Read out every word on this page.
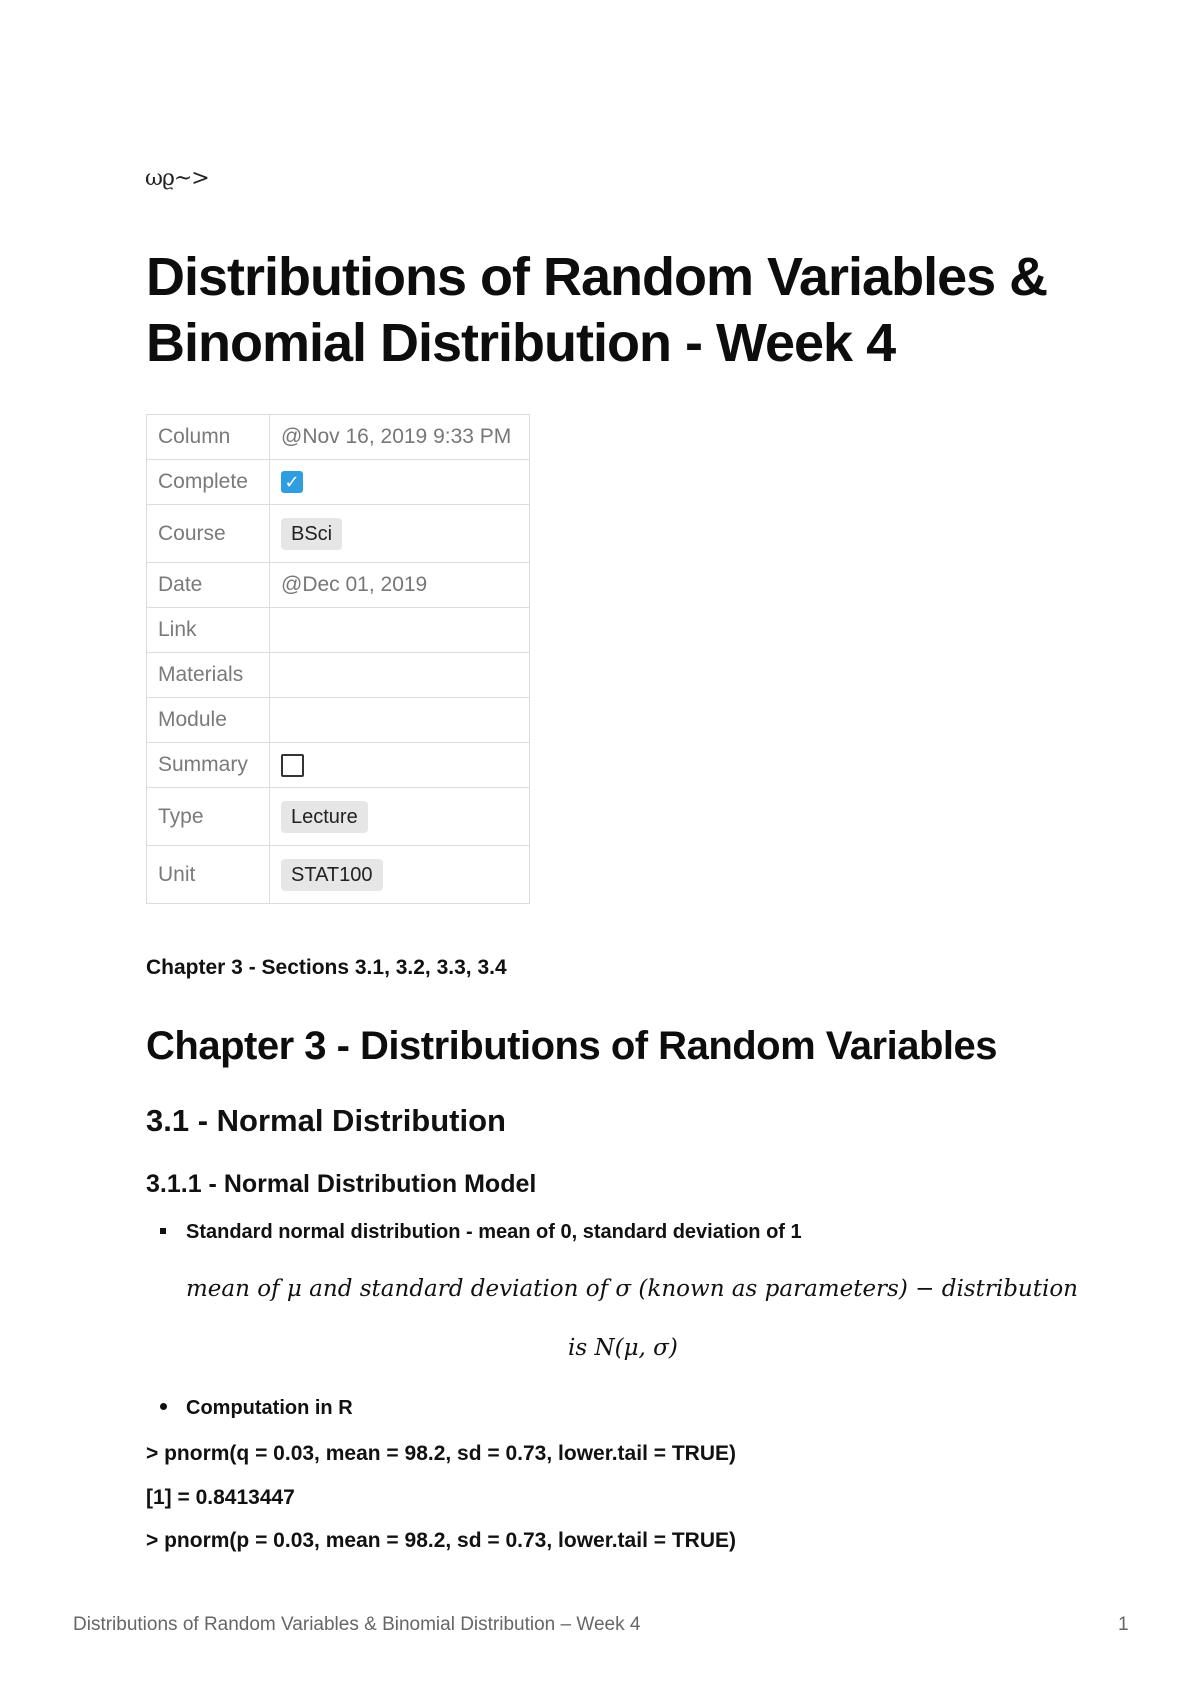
ωϱ~>
Distributions of Random Variables & Binomial Distribution - Week 4
Column	@Nov 16, 2019 9:33 PM
Complete	✓
Course	BSci
Date	@Dec 01, 2019
Link	
Materials	
Module	
Summary	
Type	Lecture
Unit	STAT100
Chapter 3 - Sections 3.1, 3.2, 3.3, 3.4
Chapter 3 - Distributions of Random Variables
3.1 - Normal Distribution
3.1.1 - Normal Distribution Model
Standard normal distribution - mean of 0, standard deviation of 1
mean of μ and standard deviation of σ (known as parameters) − distribution
is N(μ, σ)
Computation in R
> pnorm(q = 0.03, mean = 98.2, sd = 0.73, lower.tail = TRUE)
[1] = 0.8413447
> pnorm(p = 0.03, mean = 98.2, sd = 0.73, lower.tail = TRUE)
Distributions of Random Variables & Binomial Distribution – Week 4	1
